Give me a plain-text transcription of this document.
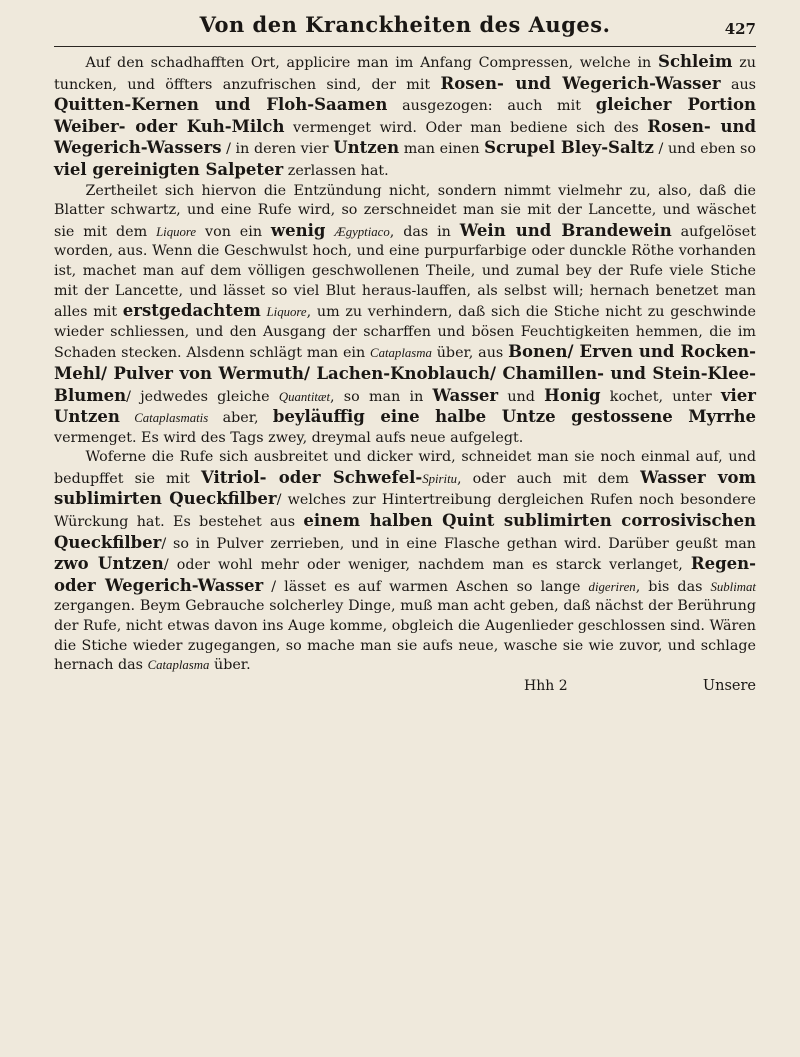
Von den Kranckheiten des Auges.	427

Auf den schadhafften Ort, applicire man im Anfang Compressen, welche in Schleim zu tuncken, und öffters anzufrischen sind, der mit Rosen- und Wegerich-Wasser aus Quitten-Kernen und Floh-Saamen ausgezogen: auch mit gleicher Portion Weiber- oder Kuh-Milch vermenget wird. Oder man bediene sich des Rosen- und Wegerich-Wassers / in deren vier Untzen man einen Scrupel Bley-Saltz / und eben so viel gereinigten Salpeter zerlassen hat.

Zertheilet sich hiervon die Entzündung nicht, sondern nimmt vielmehr zu, also, daß die Blatter schwartz, und eine Rufe wird, so zerschneidet man sie mit der Lancette, und wäschet sie mit dem Liquore von ein wenig Ægyptiaco, das in Wein und Brandewein aufgelöset worden, aus. Wenn die Geschwulst hoch, und eine purpurfarbige oder dunckle Röthe vorhanden ist, machet man auf dem völligen geschwollenen Theile, und zumal bey der Rufe viele Stiche mit der Lancette, und lässet so viel Blut heraus-lauffen, als selbst will; hernach benetzet man alles mit erstgedachtem Liquore, um zu verhindern, daß sich die Stiche nicht zu geschwinde wieder schliessen, und den Ausgang der scharffen und bösen Feuchtigkeiten hemmen, die im Schaden stecken. Alsdenn schlägt man ein Cataplasma über, aus Bonen/ Erven und Rocken-Mehl/ Pulver von Wermuth/ Lachen-Knoblauch/ Chamillen- und Stein-Klee-Blumen/ jedwedes gleiche Quantitæt, so man in Wasser und Honig kochet, unter vier Untzen Cataplasmatis aber, beyläuffig eine halbe Untze gestossene Myrrhe vermenget. Es wird des Tags zwey, dreymal aufs neue aufgelegt.

Woferne die Rufe sich ausbreitet und dicker wird, schneidet man sie noch einmal auf, und bedupffet sie mit Vitriol- oder Schwefel-Spiritu, oder auch mit dem Wasser vom sublimirten Queckfilber/ welches zur Hintertreibung dergleichen Rufen noch besondere Würckung hat. Es bestehet aus einem halben Quint sublimirten corrosivischen Queckfilber/ so in Pulver zerrieben, und in eine Flasche gethan wird. Darüber geußt man zwo Untzen/ oder wohl mehr oder weniger, nachdem man es starck verlanget, Regen- oder Wegerich-Wasser / lässet es auf warmen Aschen so lange digeriren, bis das Sublimat zergangen. Beym Gebrauche solcherley Dinge, muß man acht geben, daß nächst der Berührung der Rufe, nicht etwas davon ins Auge komme, obgleich die Augenlieder geschlossen sind. Wären die Stiche wieder zugegangen, so mache man sie aufs neue, wasche sie wie zuvor, und schlage hernach das Cataplasma über.

Hhh 2	Unsere
